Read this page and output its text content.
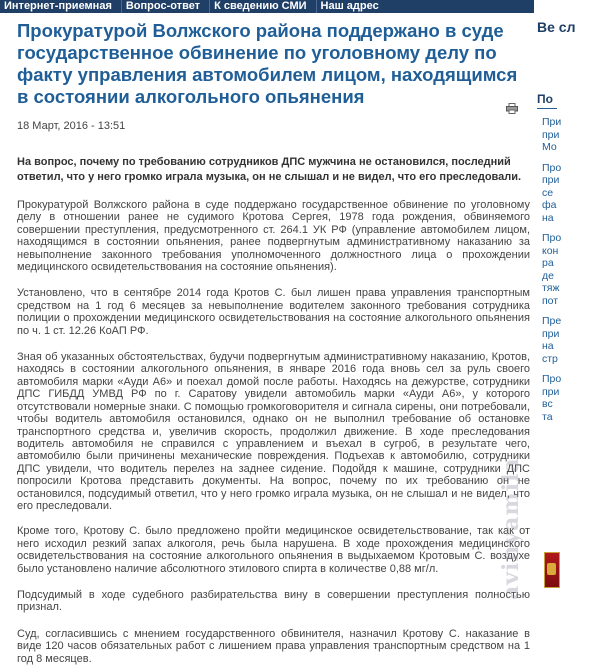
Интернет-приемная	Вопрос-ответ	К сведению СМИ	Наш адрес
Прокуратурой Волжского района поддержано в суде государственное обвинение по уголовному делу по факту управления автомобилем лицом, находящимся в состоянии алкогольного опьянения
18 Март, 2016 - 13:51
На вопрос, почему по требованию сотрудников ДПС мужчина не остановился, последний ответил, что у него громко играла музыка, он не слышал и не видел, что его преследовали.
Прокуратурой Волжского района в суде поддержано государственное обвинение по уголовному делу в отношении ранее не судимого Кротова Сергея, 1978 года рождения, обвиняемого совершении преступления, предусмотренного ст. 264.1 УК РФ (управление автомобилем лицом, находящимся в состоянии опьянения, ранее подвергнутым административному наказанию за невыполнение законного требования уполномоченного должностного лица о прохождении медицинского освидетельствования на состояние опьянения).
Установлено, что в сентябре 2014 года Кротов С. был лишен права управления транспортным средством на 1 год 6 месяцев за невыполнение водителем законного требования сотрудника полиции о прохождении медицинского освидетельствования на состояние алкогольного опьянения по ч. 1 ст. 12.26 КоАП РФ.
Зная об указанных обстоятельствах, будучи подвергнутым административному наказанию, Кротов, находясь в состоянии алкогольного опьянения, в январе 2016 года вновь сел за руль своего автомобиля марки «Ауди А6» и поехал домой после работы. Находясь на дежурстве, сотрудники ДПС ГИБДД УМВД РФ по г. Саратову увидели автомобиль марки «Ауди А6», у которого отсутствовали номерные знаки. С помощью громкоговорителя и сигнала сирены, они потребовали, чтобы водитель автомобиля остановился, однако он не выполнил требование об остановке транспортного средства и, увеличив скорость, продолжил движение. В ходе преследования водитель автомобиля не справился с управлением и въехал в сугроб, в результате чего, автомобилю были причинены механические повреждения. Подъехав к автомобилю, сотрудники ДПС увидели, что водитель перелез на заднее сидение. Подойдя к машине, сотрудники ДПС попросили Кротова представить документы. На вопрос, почему по их требованию он не остановился, подсудимый ответил, что у него громко играла музыка, он не слышал и не видел, что его преследовали.
Кроме того, Кротову С. было предложено пройти медицинское освидетельствование, так как от него исходил резкий запах алкоголя, речь была нарушена. В ходе прохождения медицинского освидетельствования на состояние алкогольного опьянения в выдыхаемом Кротовым С. воздухе было установлено наличие абсолютного этилового спирта в количестве 0,88 мг/л.
Подсудимый в ходе судебного разбирательства вину в совершении преступления полностью признал.
Суд, согласившись с мнением государственного обвинителя, назначил Кротову С. наказание в виде 120 часов обязательных работ с лишением права управления транспортным средством на 1 год 8 месяцев.
Ве сл
По
При
при
Мо
Про
при
се
фа
на
Про
кон
ра
де
тяж
пот
Пре
при
на
стр
Про
при
вс
та
avinyamila
